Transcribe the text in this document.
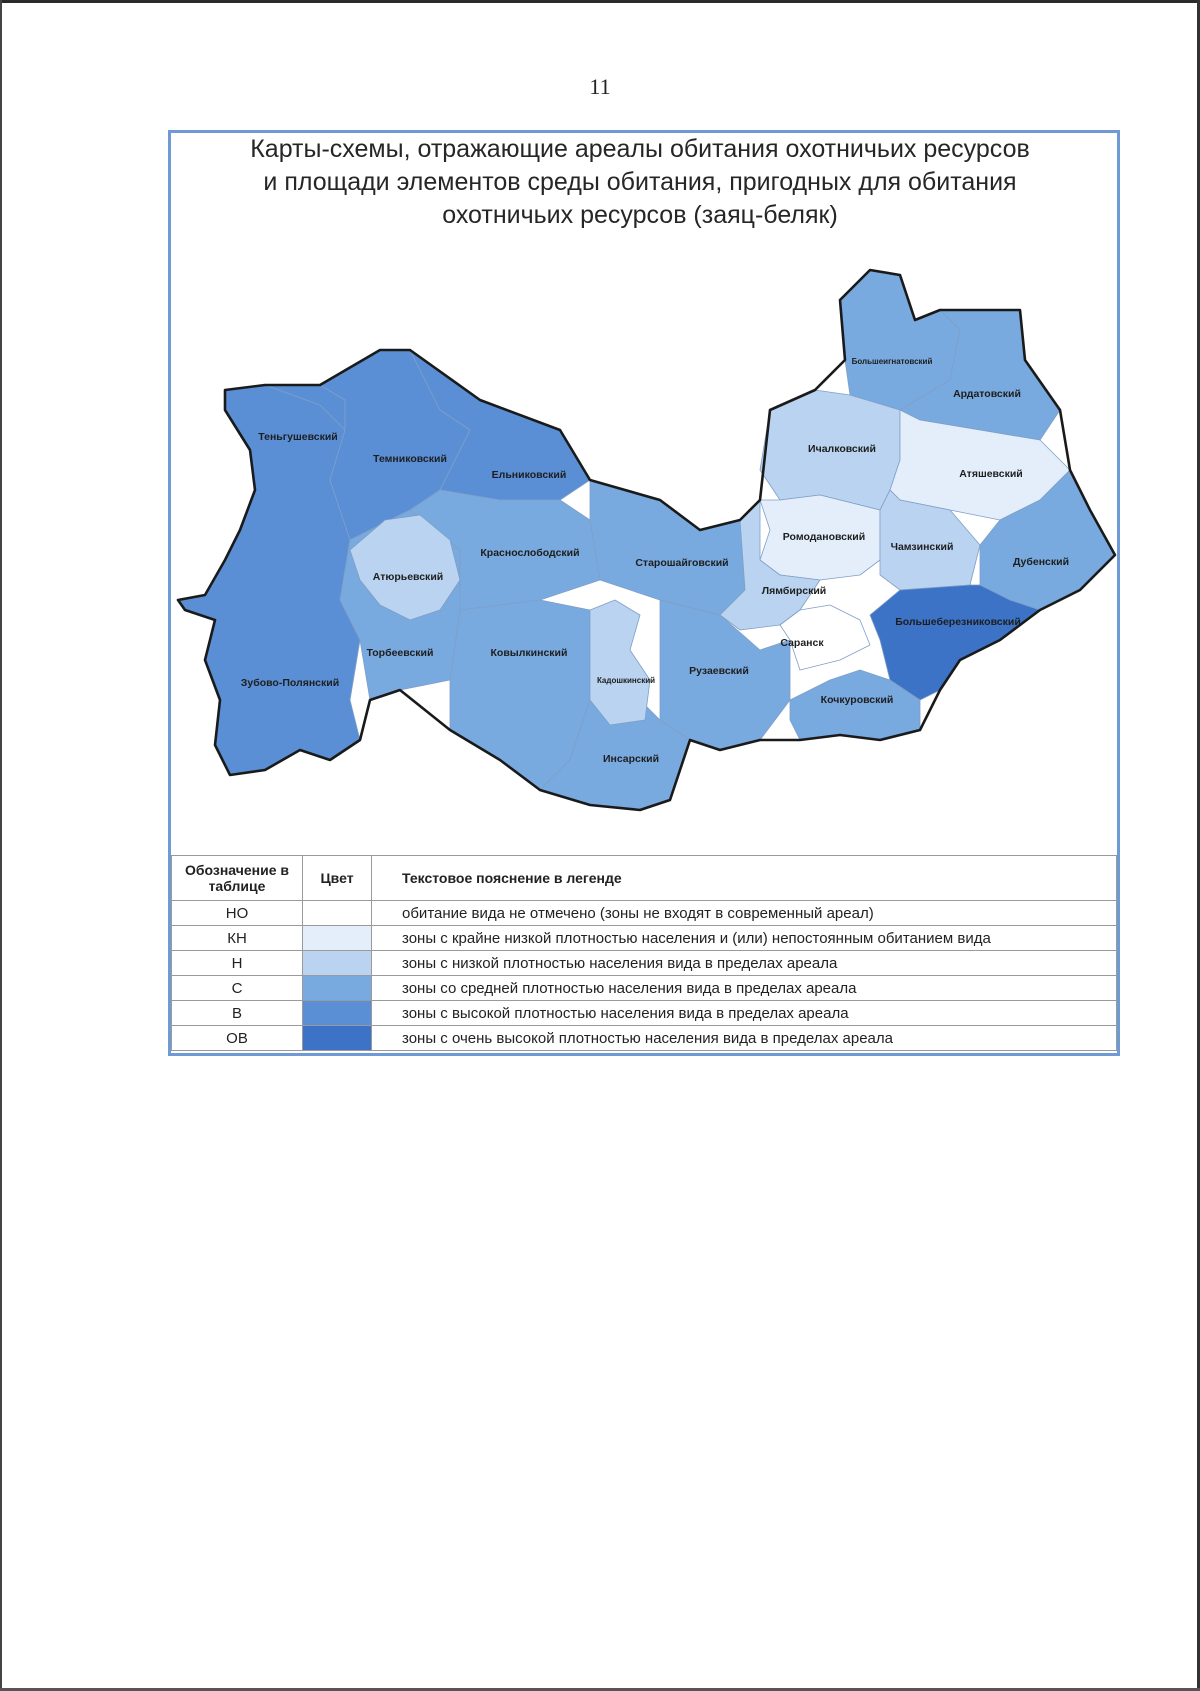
11
Карты-схемы, отражающие ареалы обитания охотничьих ресурсов
и площади элементов среды обитания, пригодных для обитания
охотничьих ресурсов (заяц-беляк)
Теньгушевский
Темниковский
Ельниковский
Атюрьевский
Краснослободский
Старошайговский
Торбеевский	Ковылкинский
Зубово-Полянский	Кадошкинский
Рузаевский
Инсарский
Большеигнатовский
Ардатовский
Ичалковский
Атяшевский
Ромодановский
Чамзинский
Дубенский
Лямбирский
Большеберезниковский
Саранск
Кочкуровский
Обозначение в таблице	Цвет	Текстовое пояснение в легенде
НО		обитание вида не отмечено (зоны не входят в современный ареал)
КН		зоны с крайне низкой плотностью населения и (или) непостоянным обитанием вида
Н		зоны с низкой плотностью населения вида в пределах ареала
С		зоны со средней плотностью населения вида в пределах ареала
В		зоны с высокой плотностью населения вида в пределах ареала
ОВ		зоны с очень высокой плотностью населения вида в пределах ареала
